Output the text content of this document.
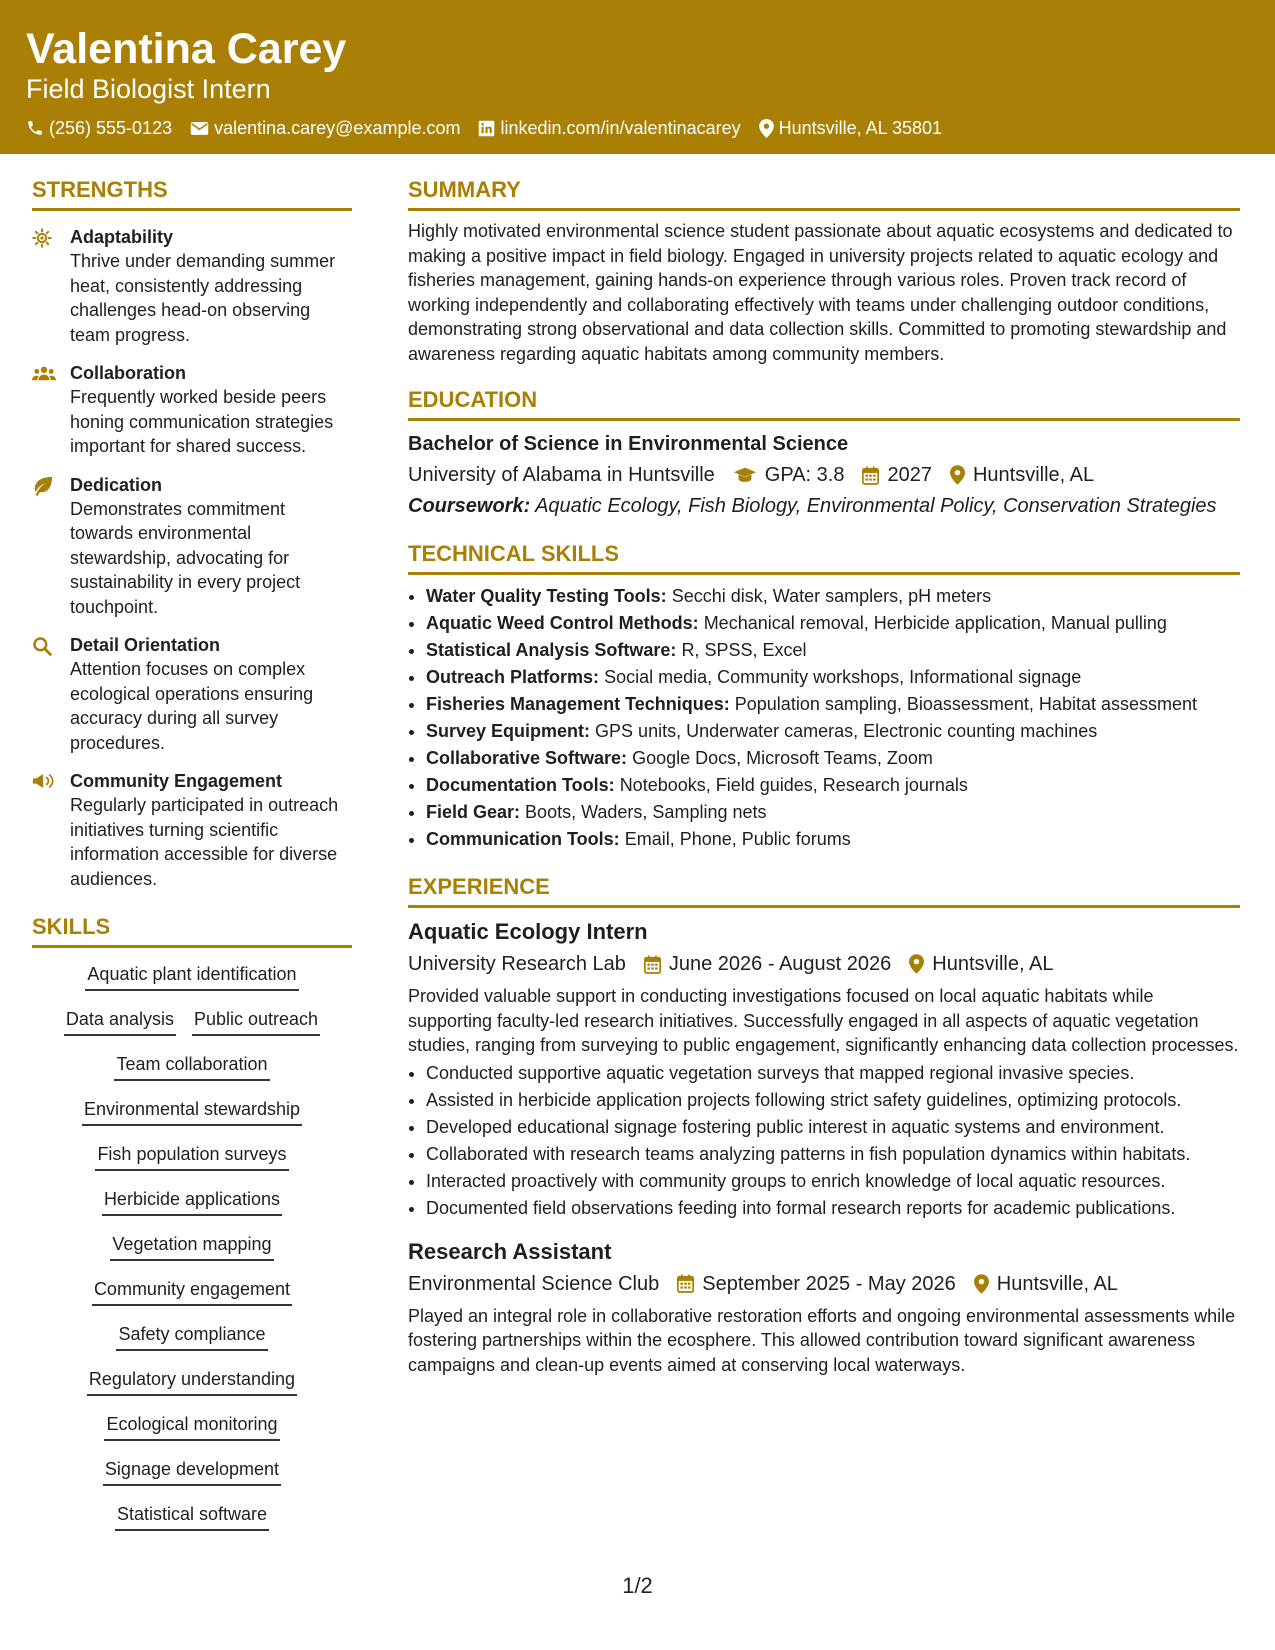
Valentina Carey
Field Biologist Intern
(256) 555-0123 valentina.carey@example.com linkedin.com/in/valentinacarey Huntsville, AL 35801
STRENGTHS
Adaptability
Thrive under demanding summer heat, consistently addressing challenges head-on observing team progress.
Collaboration
Frequently worked beside peers honing communication strategies important for shared success.
Dedication
Demonstrates commitment towards environmental stewardship, advocating for sustainability in every project touchpoint.
Detail Orientation
Attention focuses on complex ecological operations ensuring accuracy during all survey procedures.
Community Engagement
Regularly participated in outreach initiatives turning scientific information accessible for diverse audiences.
SKILLS
Aquatic plant identification
Data analysis Public outreach
Team collaboration
Environmental stewardship
Fish population surveys
Herbicide applications
Vegetation mapping
Community engagement
Safety compliance
Regulatory understanding
Ecological monitoring
Signage development
Statistical software
SUMMARY
Highly motivated environmental science student passionate about aquatic ecosystems and dedicated to making a positive impact in field biology. Engaged in university projects related to aquatic ecology and fisheries management, gaining hands-on experience through various roles. Proven track record of working independently and collaborating effectively with teams under challenging outdoor conditions, demonstrating strong observational and data collection skills. Committed to promoting stewardship and awareness regarding aquatic habitats among community members.
EDUCATION
Bachelor of Science in Environmental Science
University of Alabama in Huntsville	GPA: 3.8 2027 Huntsville, AL
Coursework: Aquatic Ecology, Fish Biology, Environmental Policy, Conservation Strategies
TECHNICAL SKILLS
• Water Quality Testing Tools: Secchi disk, Water samplers, pH meters
• Aquatic Weed Control Methods: Mechanical removal, Herbicide application, Manual pulling
• Statistical Analysis Software: R, SPSS, Excel
• Outreach Platforms: Social media, Community workshops, Informational signage
• Fisheries Management Techniques: Population sampling, Bioassessment, Habitat assessment
• Survey Equipment: GPS units, Underwater cameras, Electronic counting machines
• Collaborative Software: Google Docs, Microsoft Teams, Zoom
• Documentation Tools: Notebooks, Field guides, Research journals
• Field Gear: Boots, Waders, Sampling nets
• Communication Tools: Email, Phone, Public forums
EXPERIENCE
Aquatic Ecology Intern
University Research Lab June 2026 - August 2026 Huntsville, AL
Provided valuable support in conducting investigations focused on local aquatic habitats while supporting faculty-led research initiatives. Successfully engaged in all aspects of aquatic vegetation studies, ranging from surveying to public engagement, significantly enhancing data collection processes.
• Conducted supportive aquatic vegetation surveys that mapped regional invasive species.
• Assisted in herbicide application projects following strict safety guidelines, optimizing protocols.
• Developed educational signage fostering public interest in aquatic systems and environment.
• Collaborated with research teams analyzing patterns in fish population dynamics within habitats.
• Interacted proactively with community groups to enrich knowledge of local aquatic resources.
• Documented field observations feeding into formal research reports for academic publications.
Research Assistant
Environmental Science Club September 2025 - May 2026 Huntsville, AL
Played an integral role in collaborative restoration efforts and ongoing environmental assessments while fostering partnerships within the ecosphere. This allowed contribution toward significant awareness campaigns and clean-up events aimed at conserving local waterways.
1/2
